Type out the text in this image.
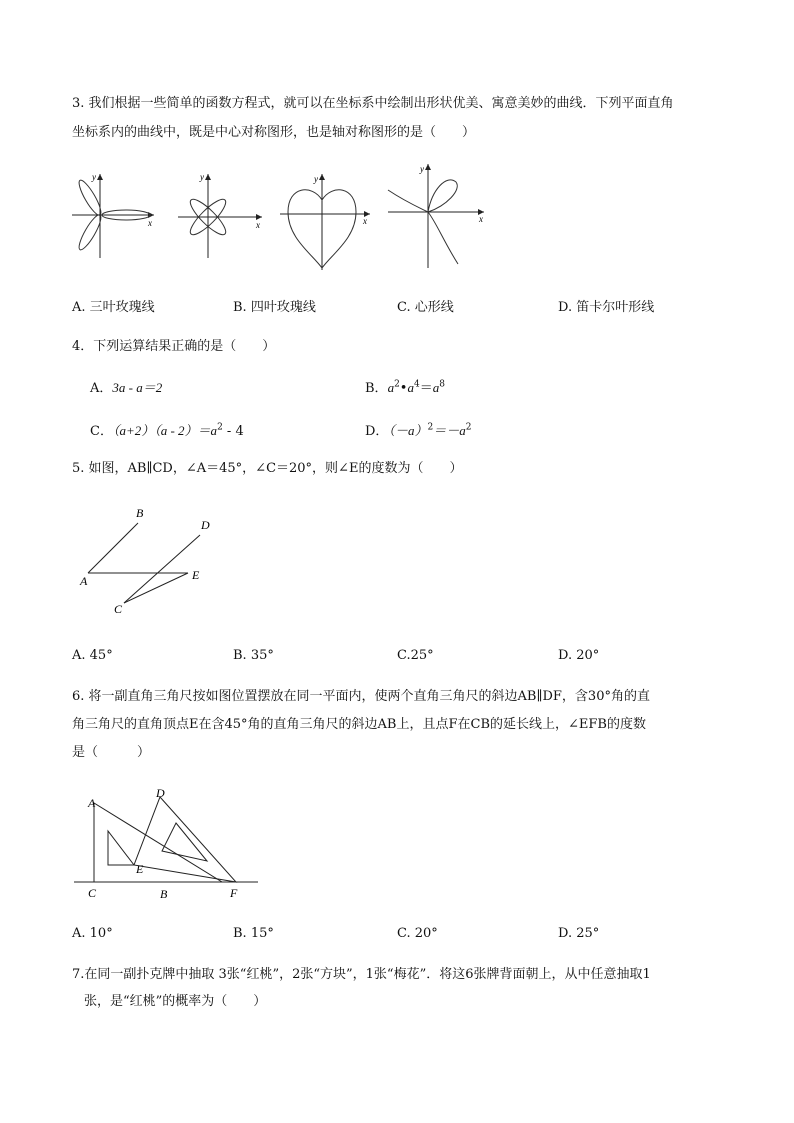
3. 我们根据一些简单的函数方程式，就可以在坐标系中绘制出形状优美、寓意美妙的曲线．下列平面直角
坐标系内的曲线中，既是中心对称图形，也是轴对称图形的是（　　）
y
x
y
x
y
x
y
x
A. 三叶玫瑰线	B. 四叶玫瑰线	C. 心形线	D. 笛卡尔叶形线
4．下列运算结果正确的是（　　）
A．3a - a＝2	B．$a^2•a^4=a^8$
C．$(a+2)(a - 2)=a^2 - 4$	D．$(-a)^2=-a^2$
5. 如图，AB∥CD，∠A＝45°，∠C＝20°，则∠E的度数为（　　）
A
B
C
D
E
A. 45°	B. 35°	C.25°	D. 20°
6. 将一副直角三角尺按如图位置摆放在同一平面内，使两个直角三角尺的斜边AB∥DF，含30°角的直
角三角尺的直角顶点E在含45°角的直角三角尺的斜边AB上，且点F在CB的延长线上，∠EFB的度数
是（　　　）
A
D
C
E
B	F
A. 10°	B. 15°	C. 20°	D. 25°
7.在同一副扑克牌中抽取 3张“红桃”，2张“方块”，1张“梅花”．将这6张牌背面朝上，从中任意抽取1
张，是“红桃”的概率为（　　）
